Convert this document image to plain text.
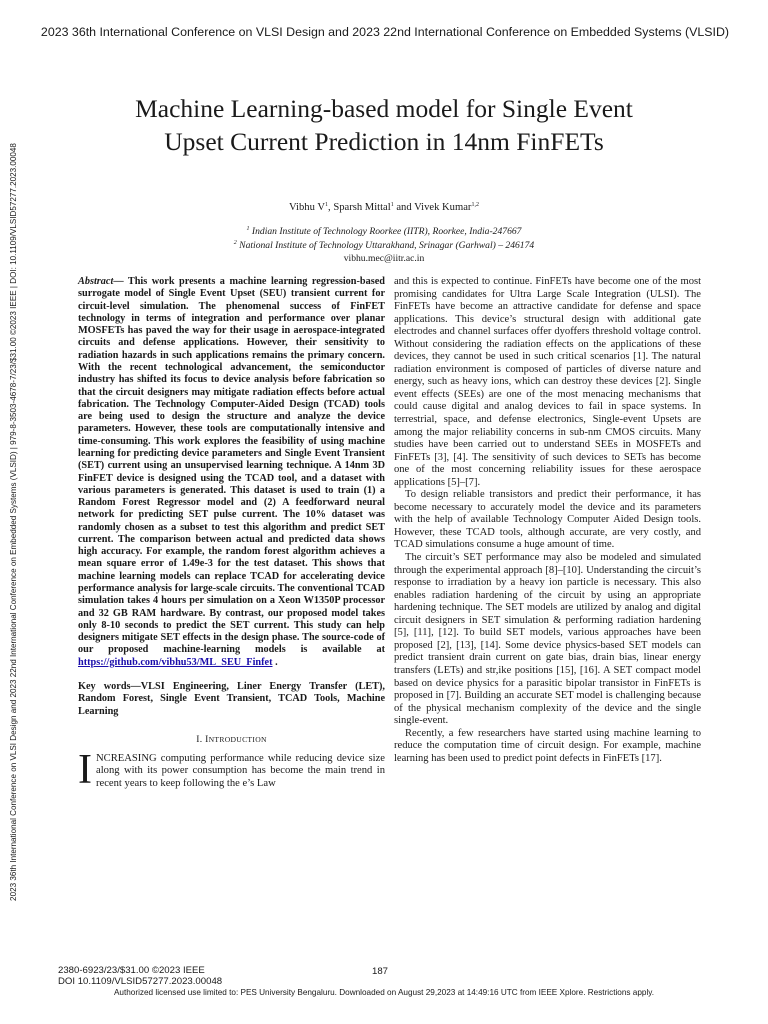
2023 36th International Conference on VLSI Design and 2023 22nd International Conference on Embedded Systems (VLSID)
2023 36th International Conference on VLSI Design and 2023 22nd International Conference on Embedded Systems (VLSID) | 979-8-3503-4678-7/23/$31.00 ©2023 IEEE | DOI: 10.1109/VLSID57277.2023.00048
Machine Learning-based model for Single Event Upset Current Prediction in 14nm FinFETs
Vibhu $V^1$, Sparsh Mittal$^1$ and Vivek Kumar$^{1,2}$
$^1$ Indian Institute of Technology Roorkee (IITR), Roorkee, India-247667
$^2$ National Institute of Technology Uttarakhand, Srinagar (Garhwal) – 246174
vibhu.mec@iitr.ac.in

Abstract— This work presents a machine learning regression-based surrogate model of Single Event Upset (SEU) transient current for circuit-level simulation. The phenomenal success of FinFET technology in terms of integration and performance over planar MOSFETs has paved the way for their usage in aerospace-integrated circuits and defense applications. However, their sensitivity to radiation hazards in such applications remains the primary concern. With the recent technological advancement, the semiconductor industry has shifted its focus to device analysis before fabrication so that the circuit designers may mitigate radiation effects before actual fabrication. The Technology Computer-Aided Design (TCAD) tools are being used to design the structure and analyze the device parameters. However, these tools are computationally intensive and time-consuming. This work explores the feasibility of using machine learning for predicting device parameters and Single Event Transient (SET) current using an unsupervised learning technique. A 14nm 3D FinFET device is designed using the TCAD tool, and a dataset with various parameters is generated. This dataset is used to train (1) a Random Forest Regressor model and (2) A feedforward neural network for predicting SET pulse current. The 10% dataset was randomly chosen as a subset to test this algorithm and predict SET current. The comparison between actual and predicted data shows high accuracy. For example, the random forest algorithm achieves a mean square error of 1.49e-3 for the test dataset. This shows that machine learning models can replace TCAD for accelerating device performance analysis for large-scale circuits. The conventional TCAD simulation takes 4 hours per simulation on a Xeon W1350P processor and 32 GB RAM hardware. By contrast, our proposed model takes only 8-10 seconds to predict the SET current. This study can help designers mitigate SET effects in the design phase. The source-code of our proposed machine-learning models is available at https://github.com/vibhu53/ML_SEU_Finfet .

Key words—VLSI Engineering, Liner Energy Transfer (LET), Random Forest, Single Event Transient, TCAD Tools, Machine Learning

I. INTRODUCTION

INCREASING computing performance while reducing device size along with its power consumption has become the main trend in recent years to keep following the e’s Law

and this is expected to continue. FinFETs have become one of the most promising candidates for Ultra Large Scale Integration (ULSI). The FinFETs have become an attractive candidate for defense and space applications. This device’s structural design with additional gate electrodes and channel surfaces offer dyoffers threshold voltage control. Without considering the radiation effects on the applications of these devices, they cannot be used in such critical scenarios [1]. The natural radiation environment is composed of particles of diverse nature and energy, such as heavy ions, which can destroy these devices [2]. Single event effects (SEEs) are one of the most menacing mechanisms that could cause digital and analog devices to fail in space systems. In terrestrial, space, and defense electronics, Single-event Upsets are among the major reliability concerns in sub-nm CMOS circuits. Many studies have been carried out to understand SEEs in MOSFETs and FinFETs [3], [4]. The sensitivity of such devices to SETs has become one of the most concerning reliability issues for these aerospace applications [5]–[7].

To design reliable transistors and predict their performance, it has become necessary to accurately model the device and its parameters with the help of available Technology Computer Aided Design tools. However, these TCAD tools, although accurate, are very costly, and TCAD simulations consume a huge amount of time.

The circuit’s SET performance may also be modeled and simulated through the experimental approach [8]–[10]. Understanding the circuit’s response to irradiation by a heavy ion particle is necessary. This also enables radiation hardening of the circuit by using an appropriate hardening technique. The SET models are utilized by analog and digital circuit designers in SET simulation & performing radiation hardening [5], [11], [12]. To build SET models, various approaches have been proposed [2], [13], [14]. Some device physics-based SET models can predict transient drain current on gate bias, drain bias, linear energy transfers (LETs) and str,ike positions [15], [16]. A SET compact model based on device physics for a parasitic bipolar transistor in FinFETs is proposed in [7]. Building an accurate SET model is challenging because of the physical mechanism complexity of the device and the single single-event.

Recently, a few researchers have started using machine learning to reduce the computation time of circuit design. For example, machine learning has been used to predict point defects in FinFETs [17].

2380-6923/23/$31.00 ©2023 IEEE
DOI 10.1109/VLSID57277.2023.00048
187
Authorized licensed use limited to: PES University Bengaluru. Downloaded on August 29,2023 at 14:49:16 UTC from IEEE Xplore. Restrictions apply.
